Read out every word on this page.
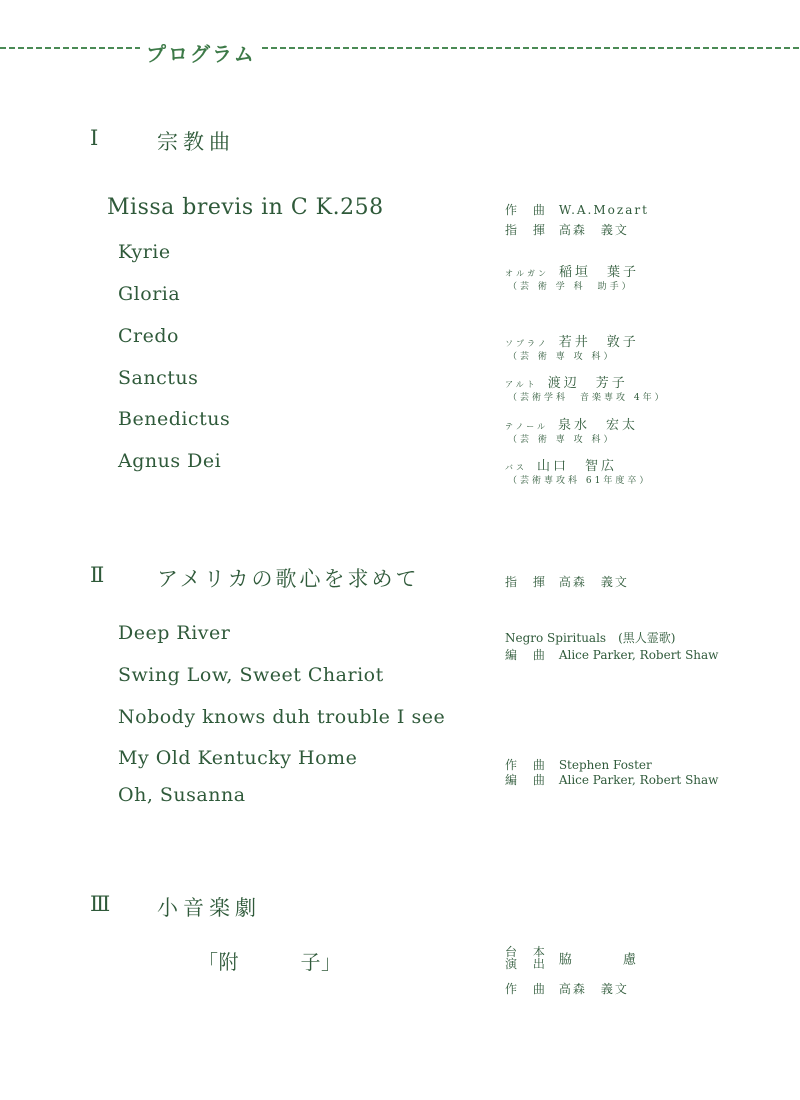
プログラム
Ⅰ	宗教曲
Missa brevis in C K.258
Kyrie
Gloria
Credo
Sanctus
Benedictus
Agnus Dei
作 曲 W.A.Mozart
指 揮 高森　義文
オルガン 稲垣　葉子
（芸 術 学 科　助手）
ソプラノ 若井　敦子
（芸 術 専 攻 科）
アルト 渡辺　芳子
（芸術学科　音楽専攻 4年）
テノール 泉水　宏太
（芸 術 専 攻 科）
バス 山口　智広
（芸術専攻科 61年度卒）
Ⅱ	アメリカの歌心を求めて	指 揮 高森　義文
Deep River
Swing Low, Sweet Chariot
Nobody knows duh trouble I see
My Old Kentucky Home
Oh, Susanna
Negro Spirituals　(黒人霊歌)
編 曲 Alice Parker, Robert Shaw
作 曲 Stephen Foster
編 曲 Alice Parker, Robert Shaw
Ⅲ 小音楽劇
「附　　　子」	台 本
演 出 脇　　　慮
作 曲 高森　義文
